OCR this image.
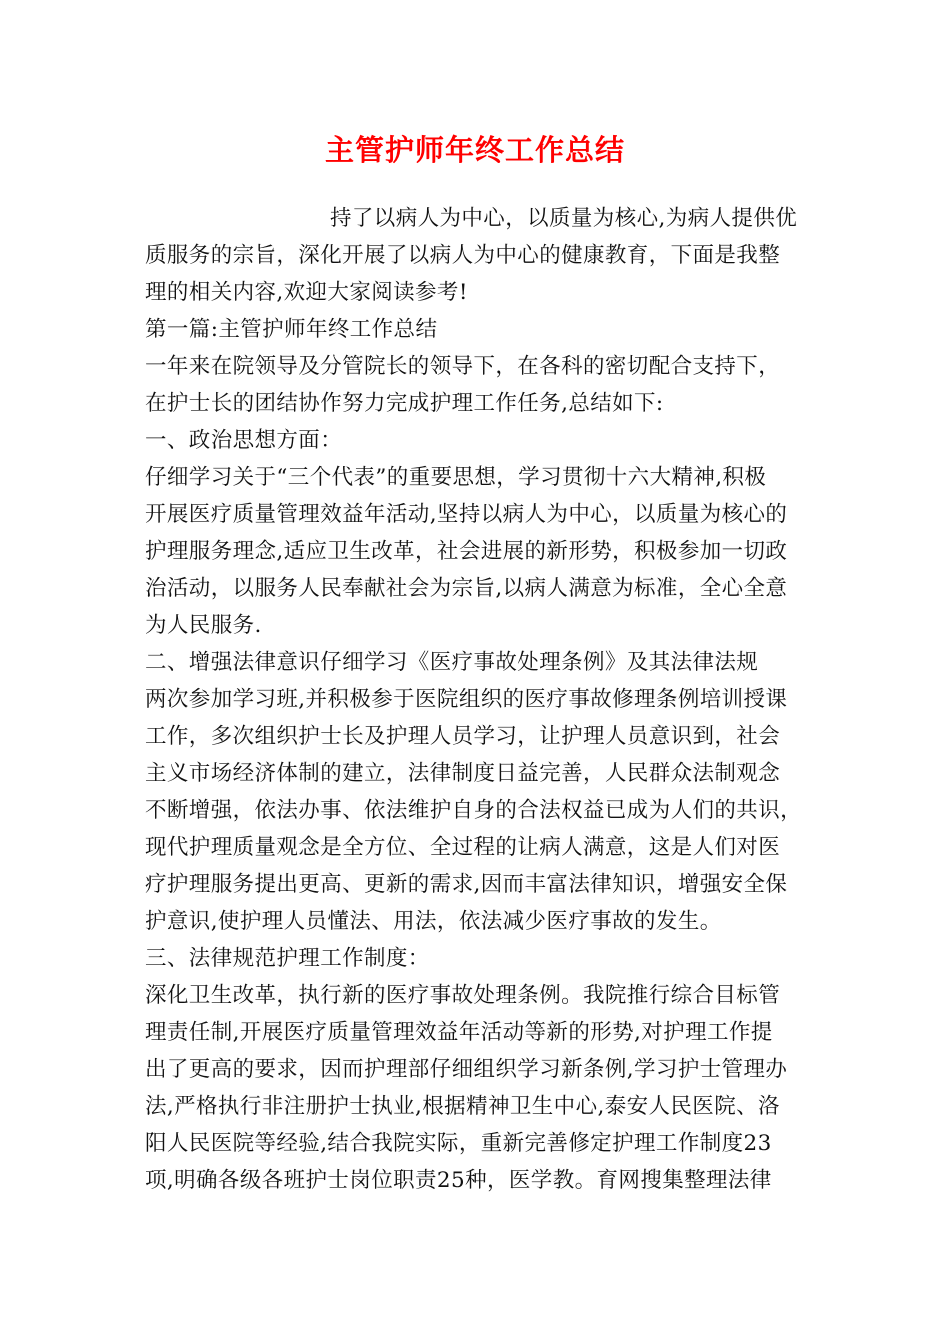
主管护师年终工作总结
持了以病人为中心，以质量为核心,为病人提供优
质服务的宗旨，深化开展了以病人为中心的健康教育，下面是我整
理的相关内容,欢迎大家阅读参考!
第一篇:主管护师年终工作总结
一年来在院领导及分管院长的领导下，在各科的密切配合支持下，
在护士长的团结协作努力完成护理工作任务,总结如下:
一、政治思想方面：
仔细学习关于“三个代表”的重要思想，学习贯彻十六大精神,积极
开展医疗质量管理效益年活动,坚持以病人为中心，以质量为核心的
护理服务理念,适应卫生改革，社会进展的新形势，积极参加一切政
治活动，以服务人民奉献社会为宗旨,以病人满意为标准，全心全意
为人民服务.
二、增强法律意识仔细学习《医疗事故处理条例》及其法律法规
两次参加学习班,并积极参于医院组织的医疗事故修理条例培训授课
工作，多次组织护士长及护理人员学习，让护理人员意识到，社会
主义市场经济体制的建立，法律制度日益完善，人民群众法制观念
不断增强，依法办事、依法维护自身的合法权益已成为人们的共识，
现代护理质量观念是全方位、全过程的让病人满意，这是人们对医
疗护理服务提出更高、更新的需求,因而丰富法律知识，增强安全保
护意识,使护理人员懂法、用法，依法减少医疗事故的发生。
三、法律规范护理工作制度：
深化卫生改革，执行新的医疗事故处理条例。我院推行综合目标管
理责任制,开展医疗质量管理效益年活动等新的形势,对护理工作提
出了更高的要求，因而护理部仔细组织学习新条例,学习护士管理办
法,严格执行非注册护士执业,根据精神卫生中心,泰安人民医院、洛
阳人民医院等经验,结合我院实际，重新完善修定护理工作制度23
项,明确各级各班护士岗位职责25种，医学教。育网搜集整理法律
